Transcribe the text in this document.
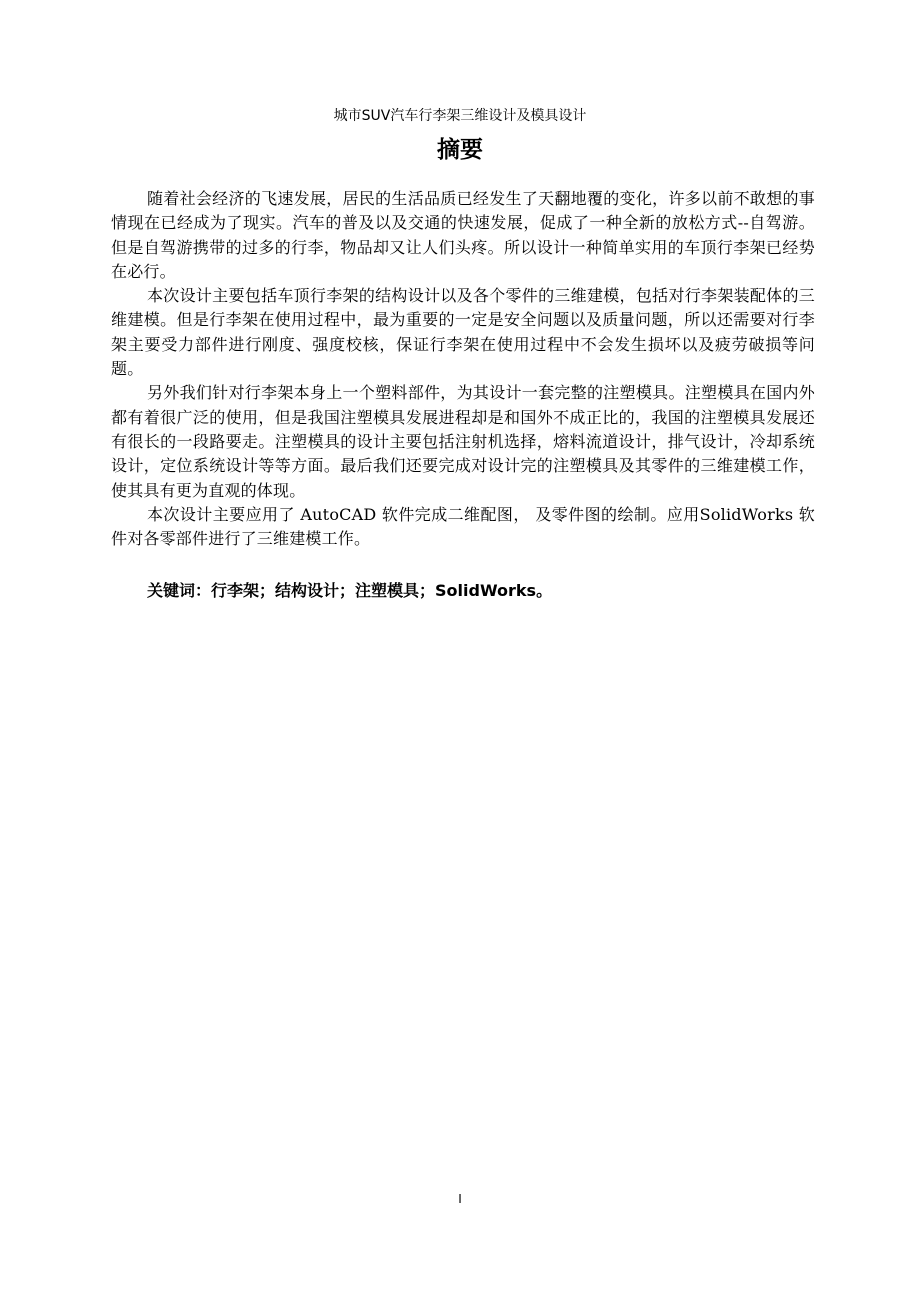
城市SUV汽车行李架三维设计及模具设计
摘要

随着社会经济的飞速发展，居民的生活品质已经发生了天翻地覆的变化，许多以前不敢想的事情现在已经成为了现实。汽车的普及以及交通的快速发展，促成了一种全新的放松方式--自驾游。但是自驾游携带的过多的行李，物品却又让人们头疼。所以设计一种简单实用的车顶行李架已经势在必行。

本次设计主要包括车顶行李架的结构设计以及各个零件的三维建模，包括对行李架装配体的三维建模。但是行李架在使用过程中，最为重要的一定是安全问题以及质量问题，所以还需要对行李架主要受力部件进行刚度、强度校核，保证行李架在使用过程中不会发生损坏以及疲劳破损等问题。

另外我们针对行李架本身上一个塑料部件，为其设计一套完整的注塑模具。注塑模具在国内外都有着很广泛的使用，但是我国注塑模具发展进程却是和国外不成正比的，我国的注塑模具发展还有很长的一段路要走。注塑模具的设计主要包括注射机选择，熔料流道设计，排气设计，冷却系统设计，定位系统设计等等方面。最后我们还要完成对设计完的注塑模具及其零件的三维建模工作，使其具有更为直观的体现。

本次设计主要应用了 AutoCAD 软件完成二维配图， 及零件图的绘制。应用SolidWorks 软件对各零部件进行了三维建模工作。

关键词：行李架；结构设计；注塑模具；SolidWorks。
I
